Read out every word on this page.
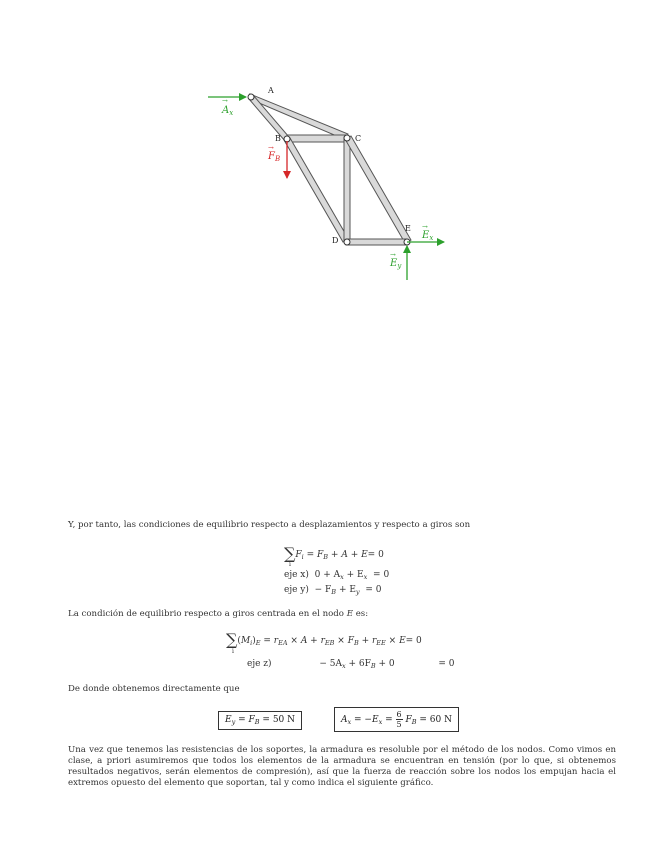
A
B	C
D
E
$A_x$
→
$F_B$
→
$E_x$
→
$E_y$
→
Y, por tanto, las condiciones de equilibrio respecto a desplazamientos y respecto a giros son
$\sum F_i = F_B + A + E= 0$
i
eje x) $0 + A_x + E_x = 0$
eje $y) - F_B + E_y = 0$
La condición de equilibrio respecto a giros centrada en el nodo E es:
$\sum(M_i)_E = r_{EA} \times A + r_{EB} \times F_B + r_{EE} \times E= 0$
i
eje z)	− $5A_x + 6F_B + 0$	= 0
De donde obtenemos directamente que
$E_y = F_B = 50$ N	$A_x = -E_x = \frac{6}{5} F_B = 60$ N
Una vez que tenemos las resistencias de los soportes, la armadura es resoluble por el método de los nodos. Como vimos en clase, a priori asumiremos que todos los elementos de la armadura se encuentran en tensión (por lo que, si obtenemos resultados negativos, serán elementos de compresión), así que la fuerza de reacción sobre los nodos los empujan hacia el extremos opuesto del elemento que soportan, tal y como indica el siguiente gráfico.
